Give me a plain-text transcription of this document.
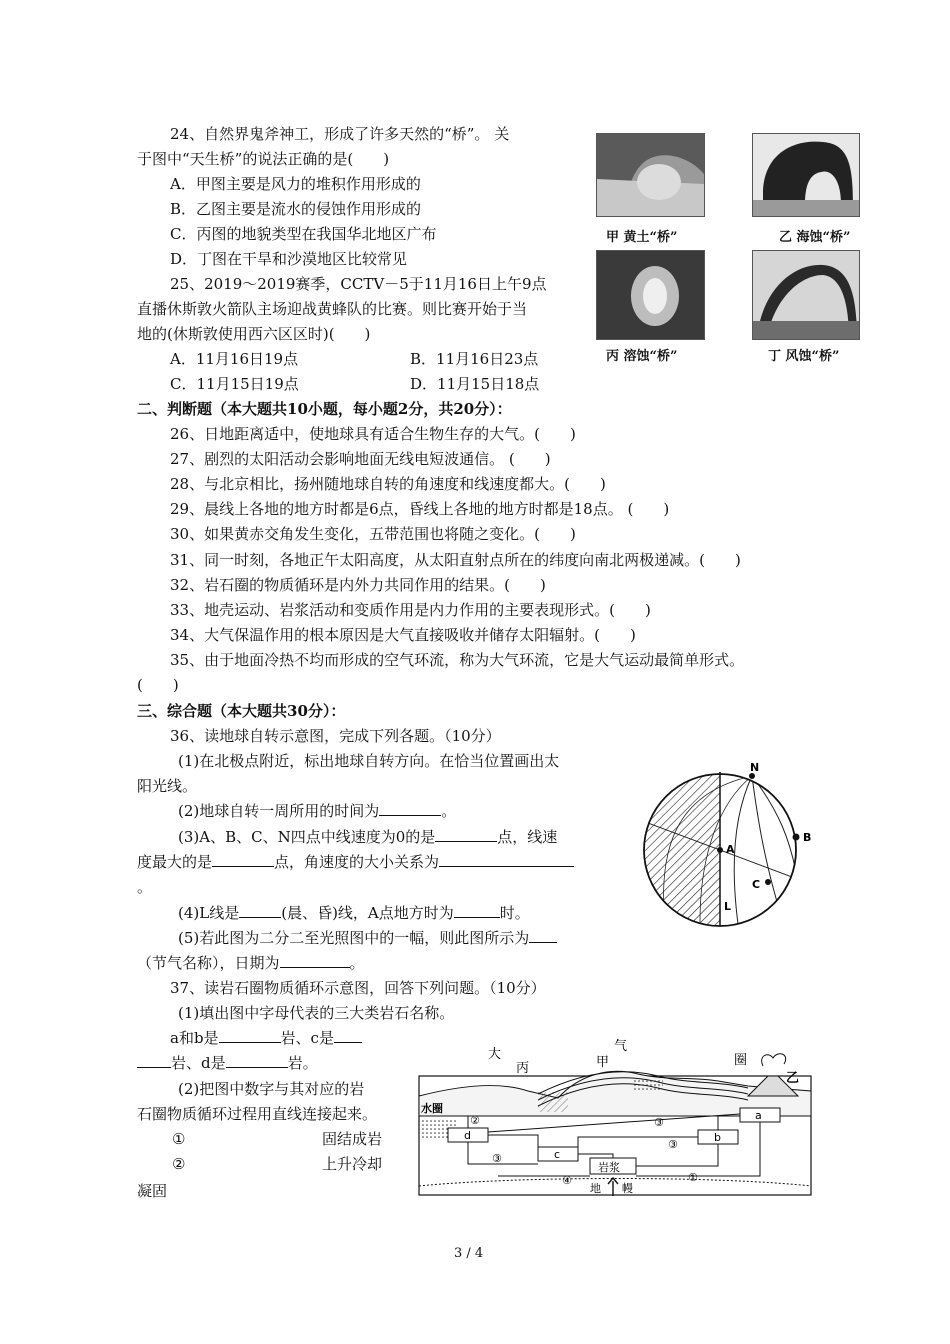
24、自然界鬼斧神工，形成了许多天然的“桥”。 关
于图中“天生桥”的说法正确的是(　　)
A．甲图主要是风力的堆积作用形成的
B．乙图主要是流水的侵蚀作用形成的
C．丙图的地貌类型在我国华北地区广布
D．丁图在干旱和沙漠地区比较常见
甲 黄土“桥”	乙 海蚀“桥”
丙 溶蚀“桥”	丁 风蚀“桥”
25、2019～2019赛季，CCTV－5于11月16日上午9点
直播休斯敦火箭队主场迎战黄蜂队的比赛。则比赛开始于当
地的(休斯敦使用西六区区时)(　　)
A．11月16日19点	B．11月16日23点
C．11月15日19点	D．11月15日18点
二、判断题（本大题共10小题，每小题2分，共20分）：
26、日地距离适中，使地球具有适合生物生存的大气。(　　)
27、剧烈的太阳活动会影响地面无线电短波通信。 (　　)
28、与北京相比，扬州随地球自转的角速度和线速度都大。(　　)
29、晨线上各地的地方时都是6点，昏线上各地的地方时都是18点。 (　　)
30、如果黄赤交角发生变化，五带范围也将随之变化。(　　)
31、同一时刻，各地正午太阳高度，从太阳直射点所在的纬度向南北两极递减。(　　)
32、岩石圈的物质循环是内外力共同作用的结果。(　　)
33、地壳运动、岩浆活动和变质作用是内力作用的主要表现形式。(　　)
34、大气保温作用的根本原因是大气直接吸收并储存太阳辐射。(　　)
35、由于地面冷热不均而形成的空气环流，称为大气环流，它是大气运动最简单形式。
(　　)
三、综合题（本大题共30分）：
36、读地球自转示意图，完成下列各题。（10分）
(1)在北极点附近，标出地球自转方向。在恰当位置画出太
阳光线。
(2)地球自转一周所用的时间为	。
(3)A、B、C、N四点中线速度为0的是	点，线速
度最大的是	点，角速度的大小关系为
。
(4)L线是	(晨、昏)线，A点地方时为	时。
(5)若此图为二分二至光照图中的一幅，则此图所示为
（节气名称），日期为	。
N
A
B
C
L
37、读岩石圈物质循环示意图，回答下列问题。（10分）
(1)填出图中字母代表的三大类岩石名称。
a和b是	岩、c是
岩、d是	岩。
(2)把图中数字与其对应的岩
石圈物质循环过程用直线连接起来。
①	固结成岩
②	上升冷却
凝固
大
气
圈
甲
丙
乙
水圈
a
b
c
d
岩浆
地 幔
②
③
③
③
①
④
3 / 4
